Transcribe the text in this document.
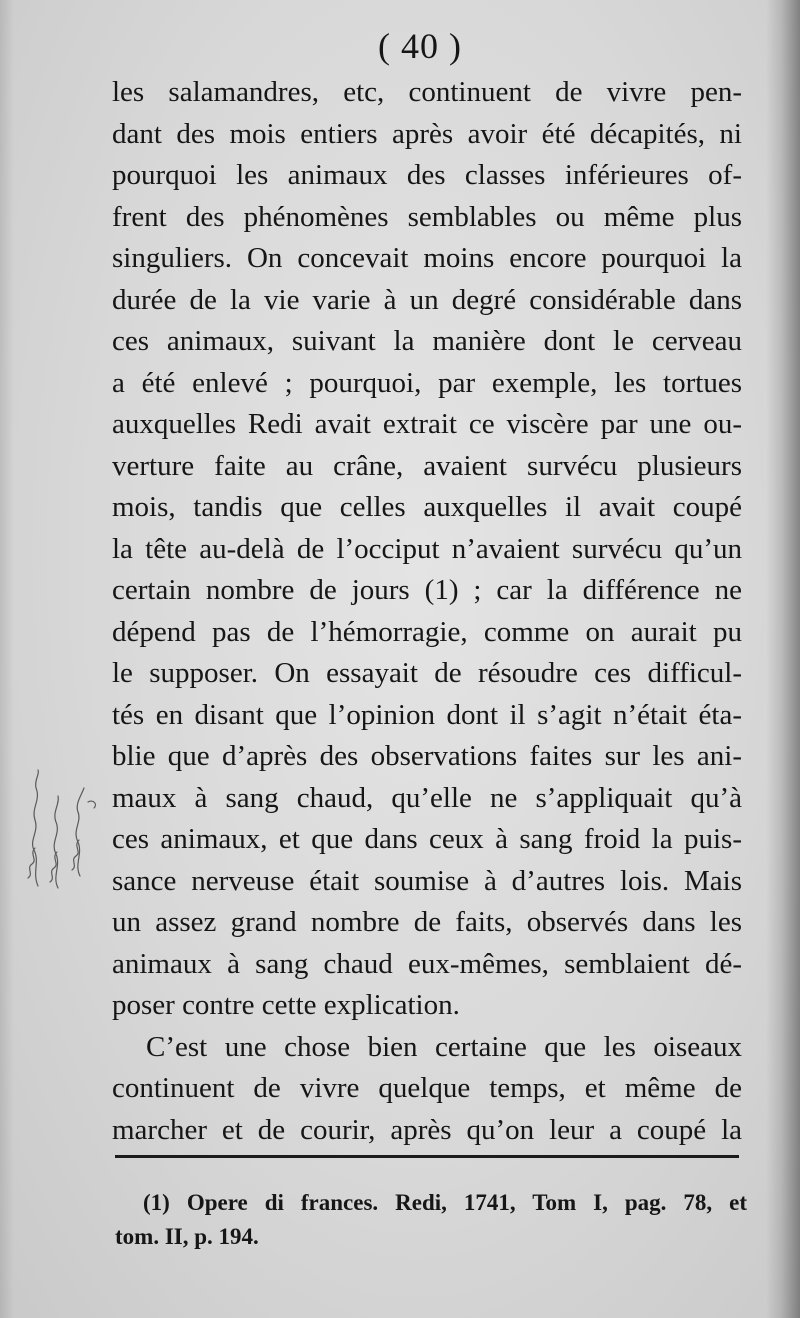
( 40 )
les salamandres, etc, continuent de vivre pen-
dant des mois entiers après avoir été décapités, ni
pourquoi les animaux des classes inférieures of-
frent des phénomènes semblables ou même plus
singuliers. On concevait moins encore pourquoi la
durée de la vie varie à un degré considérable dans
ces animaux, suivant la manière dont le cerveau
a été enlevé ; pourquoi, par exemple, les tortues
auxquelles Redi avait extrait ce viscère par une ou-
verture faite au crâne, avaient survécu plusieurs
mois, tandis que celles auxquelles il avait coupé
la tête au-delà de l’occiput n’avaient survécu qu’un
certain nombre de jours (1) ; car la différence ne
dépend pas de l’hémorragie, comme on aurait pu
le supposer. On essayait de résoudre ces difficul-
tés en disant que l’opinion dont il s’agit n’était éta-
blie que d’après des observations faites sur les ani-
maux à sang chaud, qu’elle ne s’appliquait qu’à
ces animaux, et que dans ceux à sang froid la puis-
sance nerveuse était soumise à d’autres lois. Mais
un assez grand nombre de faits, observés dans les
animaux à sang chaud eux-mêmes, semblaient dé-
poser contre cette explication.
C’est une chose bien certaine que les oiseaux
continuent de vivre quelque temps, et même de
marcher et de courir, après qu’on leur a coupé la
(1) Opere di frances. Redi, 1741, Tom I, pag. 78, et
tom. II, p. 194.
